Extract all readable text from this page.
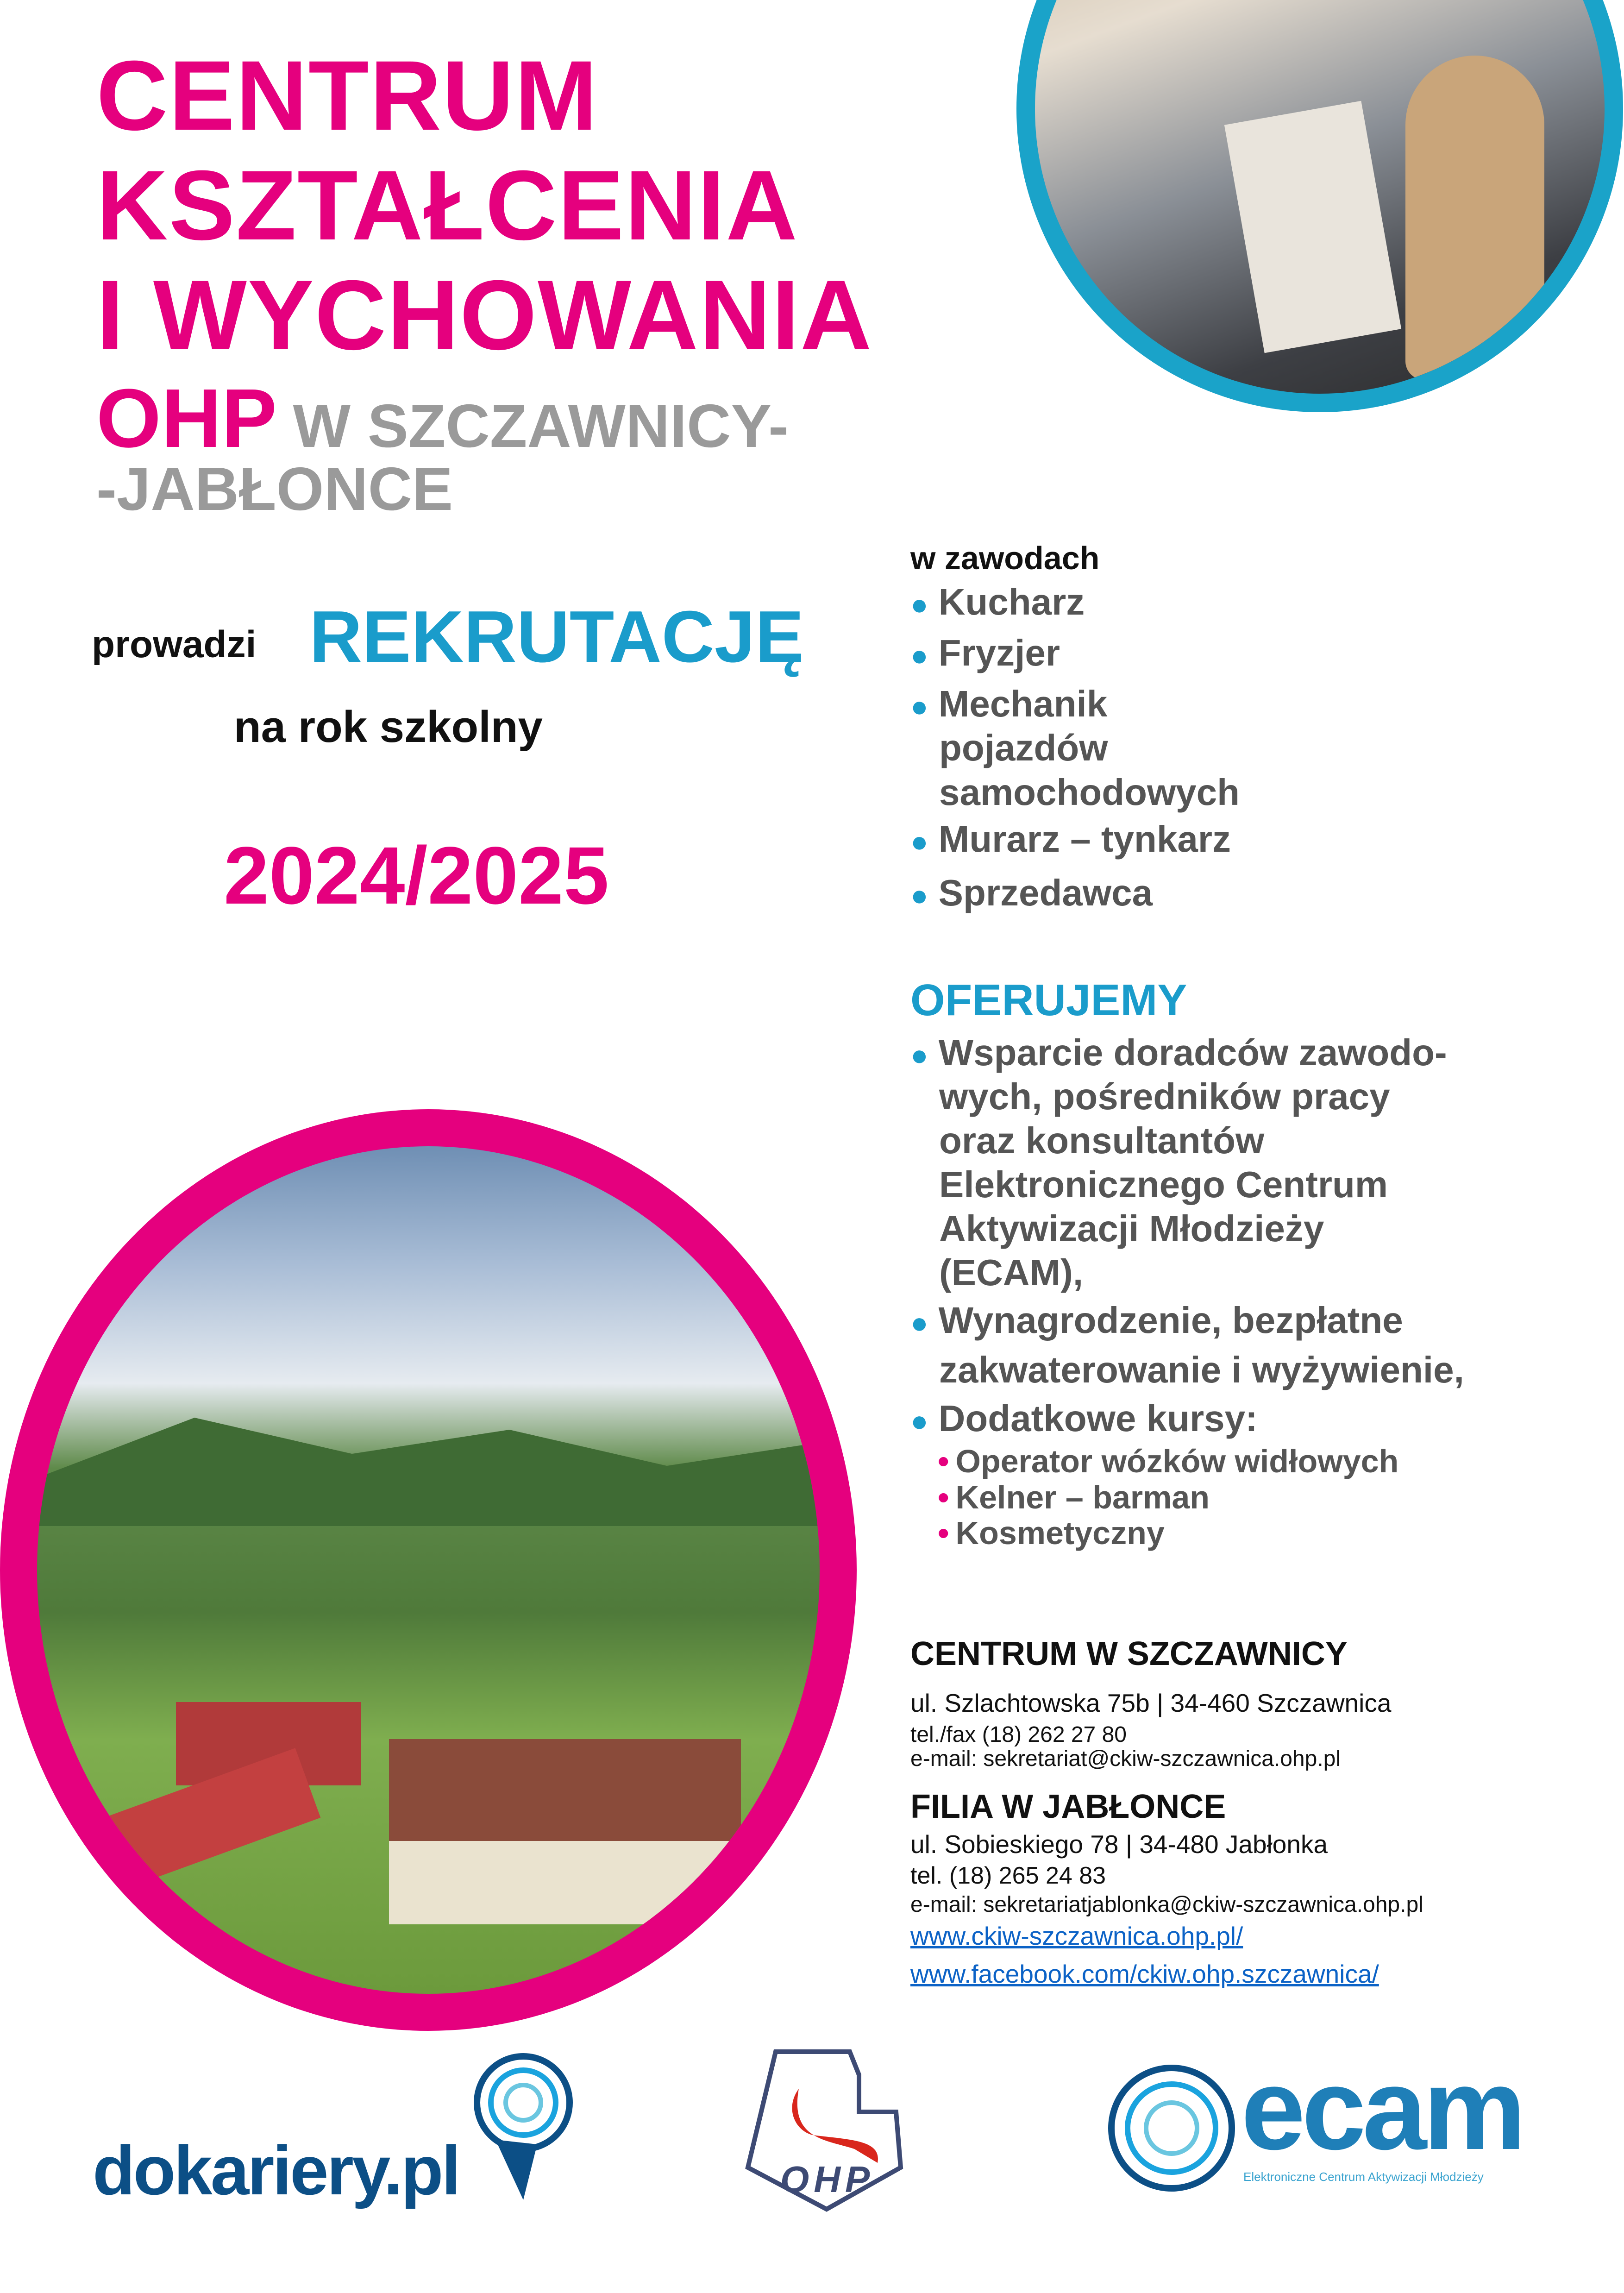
CENTRUM
KSZTAŁCENIA
I WYCHOWANIA
OHP W SZCZAWNICY-
-JABŁONCE
prowadzi REKRUTACJĘ
na rok szkolny
2024/2025
w zawodach
● Kucharz
● Fryzjer
● Mechanik
pojazdów
samochodowych
● Murarz – tynkarz
● Sprzedawca
OFERUJEMY
● Wsparcie doradców zawodo-
wych, pośredników pracy
oraz konsultantów
Elektronicznego Centrum
Aktywizacji Młodzieży
(ECAM),
● Wynagrodzenie, bezpłatne
zakwaterowanie i wyżywienie,
● Dodatkowe kursy:
• Operator wózków widłowych
• Kelner – barman
• Kosmetyczny
CENTRUM W SZCZAWNICY
ul. Szlachtowska 75b | 34-460 Szczawnica
tel./fax (18) 262 27 80
e-mail: sekretariat@ckiw-szczawnica.ohp.pl
FILIA W JABŁONCE
ul. Sobieskiego 78 | 34-480 Jabłonka
tel. (18) 265 24 83
e-mail: sekretariatjablonka@ckiw-szczawnica.ohp.pl
www.ckiw-szczawnica.ohp.pl/
www.facebook.com/ckiw.ohp.szczawnica/
dokariery.pl	OHP
ecam
Elektroniczne Centrum Aktywizacji Młodzieży
